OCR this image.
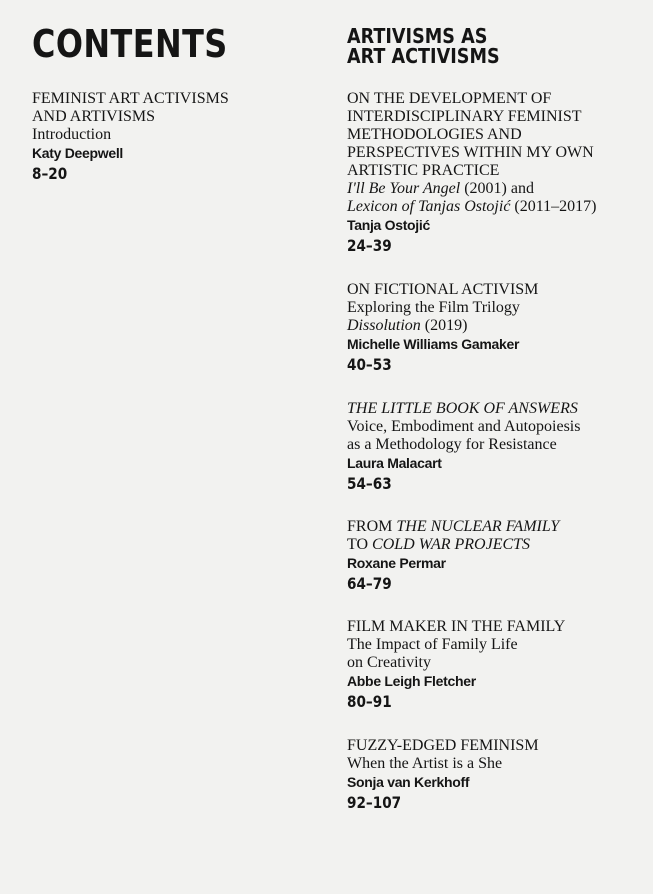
CONTENTS	ARTIVISMS AS
ART ACTIVISMS

FEMINIST ART ACTIVISMS

AND ARTIVISMS

Introduction

Katy Deepwell

8–20

ON THE DEVELOPMENT OF

INTERDISCIPLINARY FEMINIST

METHODOLOGIES AND

PERSPECTIVES WITHIN MY OWN

ARTISTIC PRACTICE

I'll Be Your Angel (2001) and

Lexicon of Tanjas Ostojić (2011–2017)

Tanja Ostojić

24–39

ON FICTIONAL ACTIVISM

Exploring the Film Trilogy

Dissolution (2019)

Michelle Williams Gamaker

40–53

THE LITTLE BOOK OF ANSWERS

Voice, Embodiment and Autopoiesis

as a Methodology for Resistance

Laura Malacart

54–63

FROM THE NUCLEAR FAMILY

TO COLD WAR PROJECTS

Roxane Permar

64–79

FILM MAKER IN THE FAMILY

The Impact of Family Life

on Creativity

Abbe Leigh Fletcher

80–91

FUZZY-EDGED FEMINISM

When the Artist is a She

Sonja van Kerkhoff

92–107
